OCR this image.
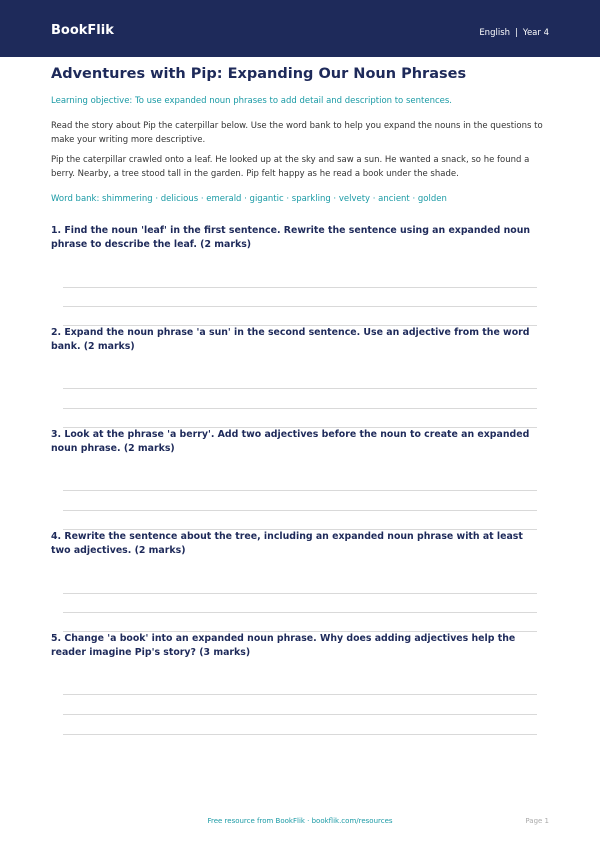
BookFlik	English | Year 4
Adventures with Pip: Expanding Our Noun Phrases
Learning objective: To use expanded noun phrases to add detail and description to sentences.

Read the story about Pip the caterpillar below. Use the word bank to help you expand the nouns in the questions to make your writing more descriptive.

Pip the caterpillar crawled onto a leaf. He looked up at the sky and saw a sun. He wanted a snack, so he found a berry. Nearby, a tree stood tall in the garden. Pip felt happy as he read a book under the shade.

Word bank: shimmering · delicious · emerald · gigantic · sparkling · velvety · ancient · golden

1. Find the noun 'leaf' in the first sentence. Rewrite the sentence using an expanded noun phrase to describe the leaf. (2 marks)

2. Expand the noun phrase 'a sun' in the second sentence. Use an adjective from the word bank. (2 marks)

3. Look at the phrase 'a berry'. Add two adjectives before the noun to create an expanded noun phrase. (2 marks)

4. Rewrite the sentence about the tree, including an expanded noun phrase with at least two adjectives. (2 marks)

5. Change 'a book' into an expanded noun phrase. Why does adding adjectives help the reader imagine Pip's story? (3 marks)

Free resource from BookFlik · bookflik.com/resources	Page 1
